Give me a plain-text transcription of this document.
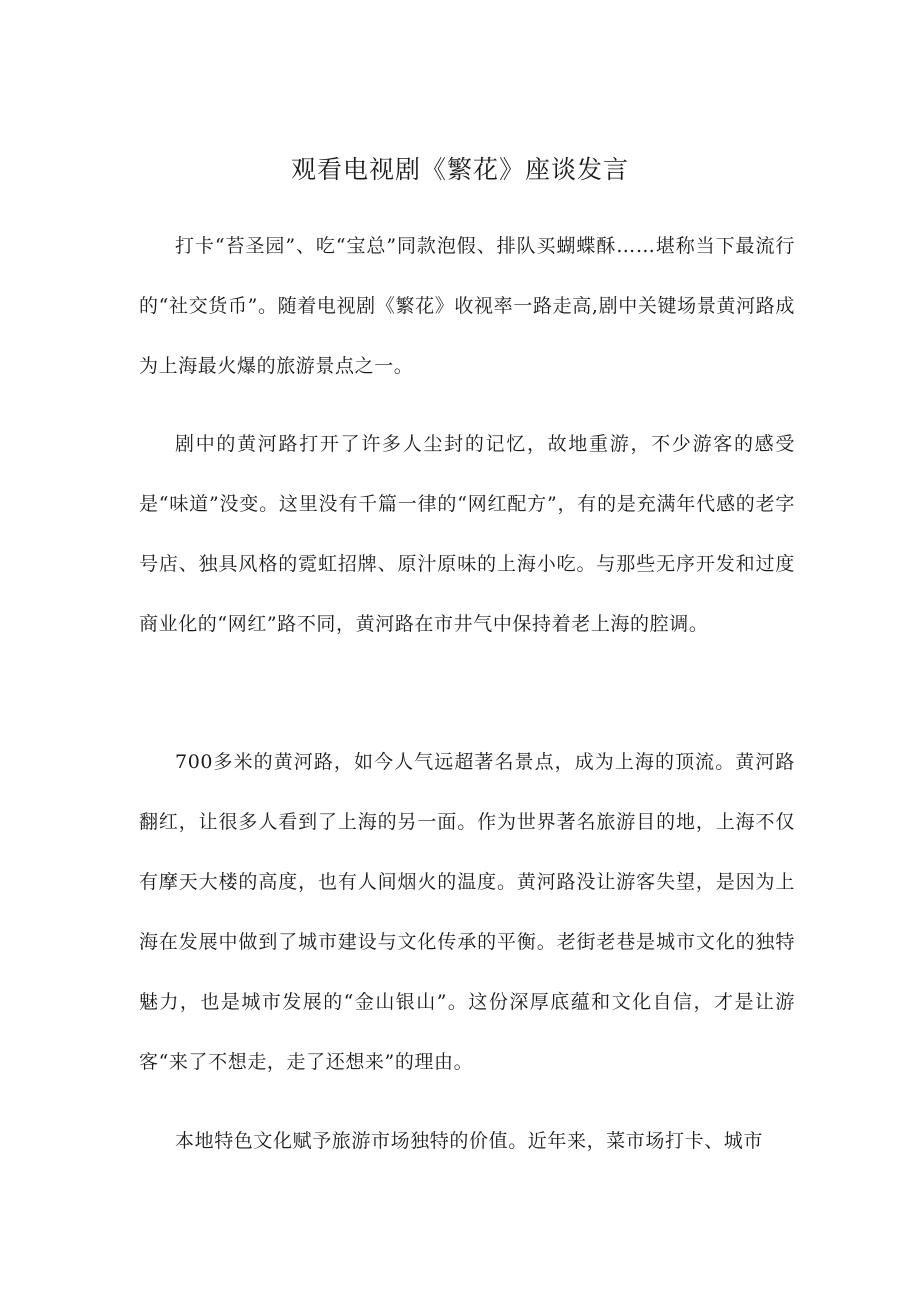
观看电视剧《繁花》座谈发言

打卡“苔圣园”、吃“宝总”同款泡假、排队买蝴蝶酥……堪称当下最流行的“社交货币”。随着电视剧《繁花》收视率一路走高,剧中关键场景黄河路成为上海最火爆的旅游景点之一。

剧中的黄河路打开了许多人尘封的记忆，故地重游，不少游客的感受是“味道”没变。这里没有千篇一律的“网红配方”，有的是充满年代感的老字号店、独具风格的霓虹招牌、原汁原味的上海小吃。与那些无序开发和过度商业化的“网红”路不同，黄河路在市井气中保持着老上海的腔调。

700多米的黄河路，如今人气远超著名景点，成为上海的顶流。黄河路翻红，让很多人看到了上海的另一面。作为世界著名旅游目的地，上海不仅有摩天大楼的高度，也有人间烟火的温度。黄河路没让游客失望，是因为上海在发展中做到了城市建设与文化传承的平衡。老街老巷是城市文化的独特魅力，也是城市发展的“金山银山”。这份深厚底蕴和文化自信，才是让游客“来了不想走，走了还想来”的理由。

本地特色文化赋予旅游市场独特的价值。近年来，菜市场打卡、城市
